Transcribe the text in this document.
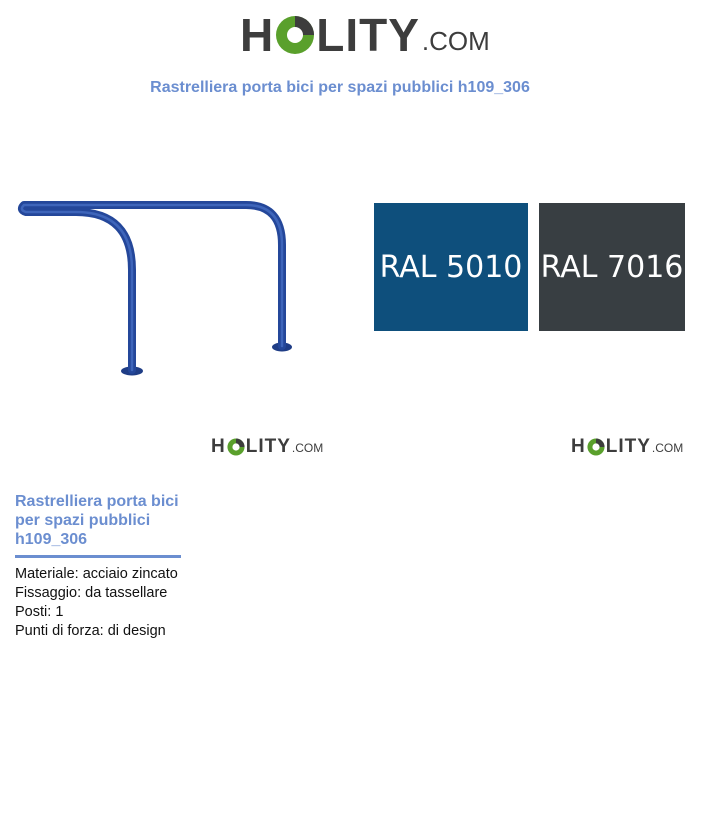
H LITY .COM
Rastrelliera porta bici per spazi pubblici h109_306
RAL 5010 RAL 7016
H LITY .COM	H LITY .COM
Rastrelliera porta bici per spazi pubblici h109_306
Materiale: acciaio zincato
Fissaggio: da tassellare
Posti: 1
Punti di forza: di design
